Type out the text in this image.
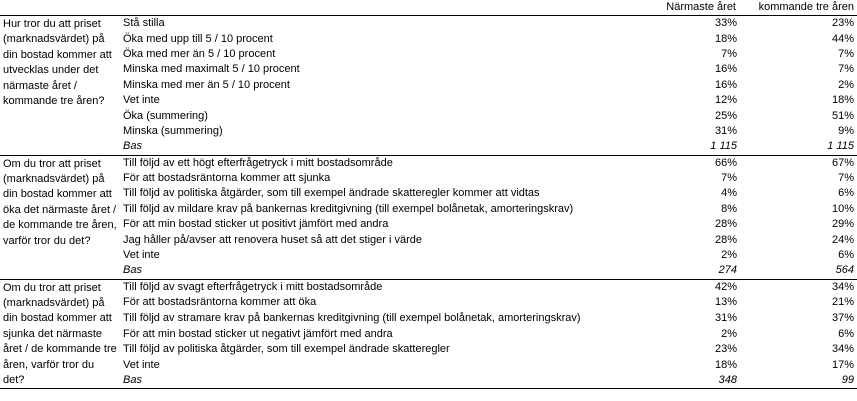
Närmaste året	kommande tre åren
Hur tror du att priset (marknadsvärdet) på din bostad kommer att utvecklas under det närmaste året / kommande tre åren?	Stå stilla	33%	23%
	Öka med upp till 5 / 10 procent	18%	44%
	Öka med mer än 5 / 10 procent	7%	7%
	Minska med maximalt 5 / 10 procent	16%	7%
	Minska med mer än 5 / 10 procent	16%	2%
	Vet inte	12%	18%
	Öka (summering)	25%	51%
	Minska (summering)	31%	9%
	Bas	1 115	1 115
Om du tror att priset (marknadsvärdet) på din bostad kommer att öka det närmaste året / de kommande tre åren, varför tror du det?	Till följd av ett högt efterfrågetryck i mitt bostadsområde	66%	67%
	För att bostadsräntorna kommer att sjunka	7%	7%
	Till följd av politiska åtgärder, som till exempel ändrade skatteregler kommer att vidtas	4%	6%
	Till följd av mildare krav på bankernas kreditgivning (till exempel bolånetak, amorteringskrav)	8%	10%
	För att min bostad sticker ut positivt jämfört med andra	28%	29%
	Jag håller på/avser att renovera huset så att det stiger i värde	28%	24%
	Vet inte	2%	6%
	Bas	274	564
Om du tror att priset (marknadsvärdet) på din bostad kommer att sjunka det närmaste året / de kommande tre åren, varför tror du det?	Till följd av svagt efterfrågetryck i mitt bostadsområde	42%	34%
	För att bostadsräntorna kommer att öka	13%	21%
	Till följd av stramare krav på bankernas kreditgivning (till exempel bolånetak, amorteringskrav)	31%	37%
	För att min bostad sticker ut negativt jämfört med andra	2%	6%
	Till följd av politiska åtgärder, som till exempel ändrade skatteregler	23%	34%
	Vet inte	18%	17%
	Bas	348	99
